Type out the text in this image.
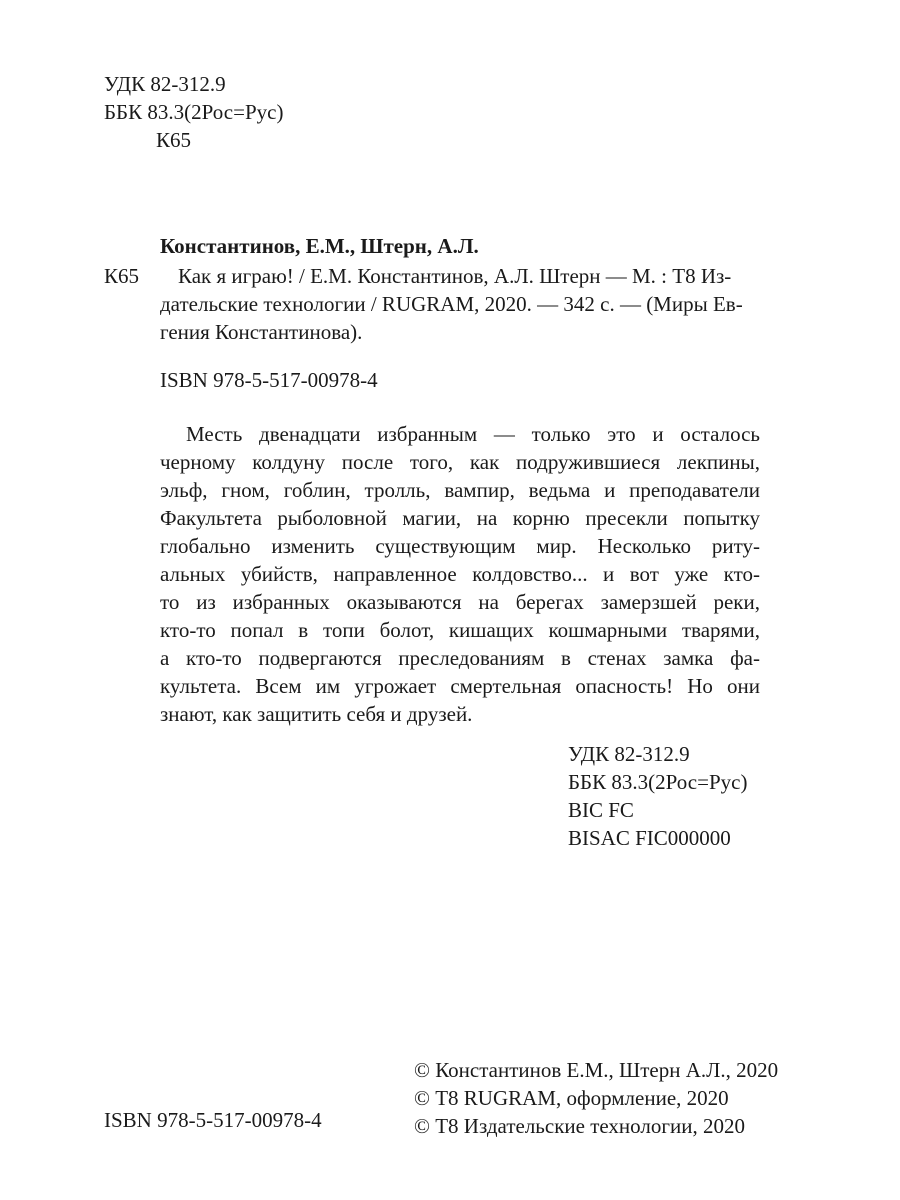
УДК 82-312.9
ББК 83.3(2Рос=Рус)
К65
Константинов, Е.М., Штерн, А.Л.
К65	Как я играю! / Е.М. Константинов, А.Л. Штерн — М. : Т8 Из-
дательские технологии / RUGRAM, 2020. — 342 с. — (Миры Ев-
гения Константинова).
ISBN 978-5-517-00978-4
Месть двенадцати избранным — только это и осталось
черному колдуну после того, как подружившиеся лекпины,
эльф, гном, гоблин, тролль, вампир, ведьма и преподаватели
Факультета рыболовной магии, на корню пресекли попытку
глобально изменить существующим мир. Несколько риту-
альных убийств, направленное колдовство... и вот уже кто-
то из избранных оказываются на берегах замерзшей реки,
кто-то попал в топи болот, кишащих кошмарными тварями,
а кто-то подвергаются преследованиям в стенах замка фа-
культета. Всем им угрожает смертельная опасность! Но они
знают, как защитить себя и друзей.
УДК 82-312.9
ББК 83.3(2Рос=Рус)
BIC FC
BISAC FIC000000
© Константинов Е.М., Штерн А.Л., 2020
© Т8 RUGRAM, оформление, 2020
© Т8 Издательские технологии, 2020
ISBN 978-5-517-00978-4
